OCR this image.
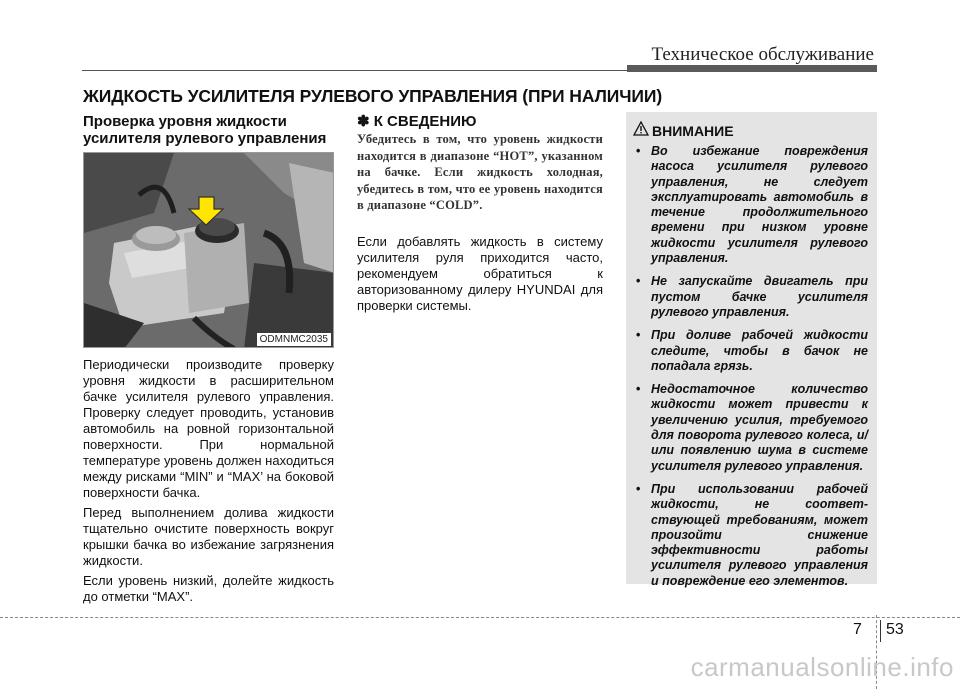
Техническое обслуживание
ЖИДКОСТЬ УСИЛИТЕЛЯ РУЛЕВОГО УПРАВЛЕНИЯ (ПРИ НАЛИЧИИ)
Проверка уровня жидкости усилителя рулевого управления
ODMNMC2035

Периодически производите проверку уровня жидкости в расширительном бачке усилителя рулевого управления. Проверку следует проводить, установив автомобиль на ровной горизонтальной поверхности. При нормальной температуре уровень должен находиться между рисками “MIN” и “MAX’ на боковой поверхности бачка.

Перед выполнением долива жидкости тщательно очистите поверхность вокруг крышки бачка во избежание загрязнения жидкости.

Если уровень низкий, долейте жидкость до отметки “MAX”.

✽ К СВЕДЕНИЮ
Убедитесь в том, что уровень жидкости находится в диапазоне “HOT”, указанном на бачке. Если жидкость холодная, убедитесь в том, что ее уровень находится в диапазоне “COLD”.
Если добавлять жидкость в систему усилителя руля приходится часто, рекомендуем обратиться к авторизованному дилеру HYUNDAI для проверки системы.
ВНИМАНИЕ
• Во избежание повреждения насоса усилителя рулевого управления, не следует эксплуатировать автомобиль в течение продолжительного времени при низком уровне жидкости усилителя рулевого управления.
• Не запускайте двигатель при пустом бачке усилителя рулевого управления.
• При доливе рабочей жидкости следите, чтобы в бачок не попадала грязь.
• Недостаточное количество жидкости может привести к увеличению усилия, требуемого для поворота рулевого колеса, и/или появлению шума в системе усилителя рулевого управления.
• При использовании рабочей жидкости, не соответ- ствующей требованиям, может произойти снижение эффективности работы усилителя рулевого управления и повреждение его элементов.
7 53
carmanualsonline.info
